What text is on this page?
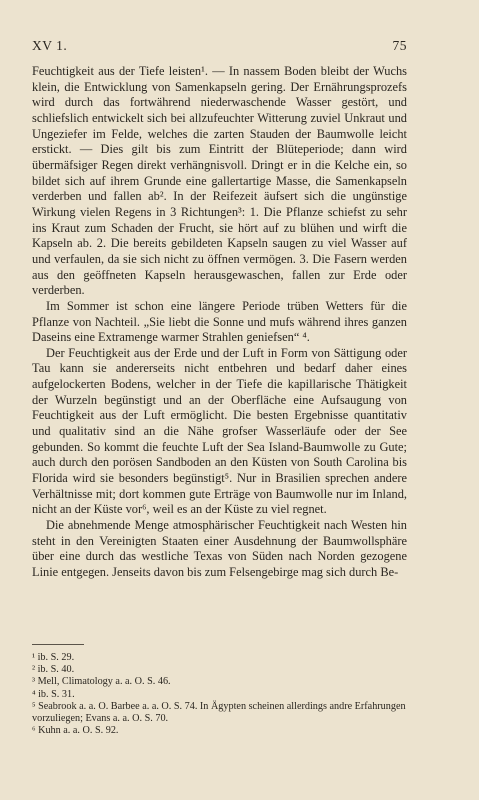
XV 1.	75

Feuchtigkeit aus der Tiefe leisten¹. — In nassem Boden bleibt der Wuchs klein, die Entwicklung von Samenkapseln gering. Der Ernährungsprozefs wird durch das fortwährend niederwaschende Wasser gestört, und schliefslich entwickelt sich bei allzufeuchter Witterung zuviel Unkraut und Ungeziefer im Felde, welches die zarten Stauden der Baumwolle leicht erstickt. — Dies gilt bis zum Eintritt der Blüteperiode; dann wird übermäfsiger Regen direkt verhängnisvoll. Dringt er in die Kelche ein, so bildet sich auf ihrem Grunde eine gallertartige Masse, die Samenkapseln verderben und fallen ab². In der Reifezeit äufsert sich die ungünstige Wirkung vielen Regens in 3 Richtungen³: 1. Die Pflanze schiefst zu sehr ins Kraut zum Schaden der Frucht, sie hört auf zu blühen und wirft die Kapseln ab. 2. Die bereits gebildeten Kapseln saugen zu viel Wasser auf und verfaulen, da sie sich nicht zu öffnen vermögen. 3. Die Fasern werden aus den geöffneten Kapseln herausgewaschen, fallen zur Erde oder verderben.

Im Sommer ist schon eine längere Periode trüben Wetters für die Pflanze von Nachteil. „Sie liebt die Sonne und mufs während ihres ganzen Daseins eine Extramenge warmer Strahlen geniefsen“ ⁴.

Der Feuchtigkeit aus der Erde und der Luft in Form von Sättigung oder Tau kann sie andererseits nicht entbehren und bedarf daher eines aufgelockerten Bodens, welcher in der Tiefe die kapillarische Thätigkeit der Wurzeln begünstigt und an der Oberfläche eine Aufsaugung von Feuchtigkeit aus der Luft ermöglicht. Die besten Ergebnisse quantitativ und qualitativ sind an die Nähe grofser Wasserläufe oder der See gebunden. So kommt die feuchte Luft der Sea Island-Baumwolle zu Gute; auch durch den porösen Sandboden an den Küsten von South Carolina bis Florida wird sie besonders begünstigt⁵. Nur in Brasilien sprechen andere Verhältnisse mit; dort kommen gute Erträge von Baumwolle nur im Inland, nicht an der Küste vor⁶, weil es an der Küste zu viel regnet.

Die abnehmende Menge atmosphärischer Feuchtigkeit nach Westen hin steht in den Vereinigten Staaten einer Ausdehnung der Baumwollsphäre über eine durch das westliche Texas von Süden nach Norden gezogene Linie entgegen. Jenseits davon bis zum Felsengebirge mag sich durch Be-

¹ ib. S. 29.
² ib. S. 40.
³ Mell, Climatology a. a. O. S. 46.
⁴ ib. S. 31.
⁵ Seabrook a. a. O. Barbee a. a. O. S. 74. In Ägypten scheinen allerdings andre Erfahrungen vorzuliegen; Evans a. a. O. S. 70.
⁶ Kuhn a. a. O. S. 92.
